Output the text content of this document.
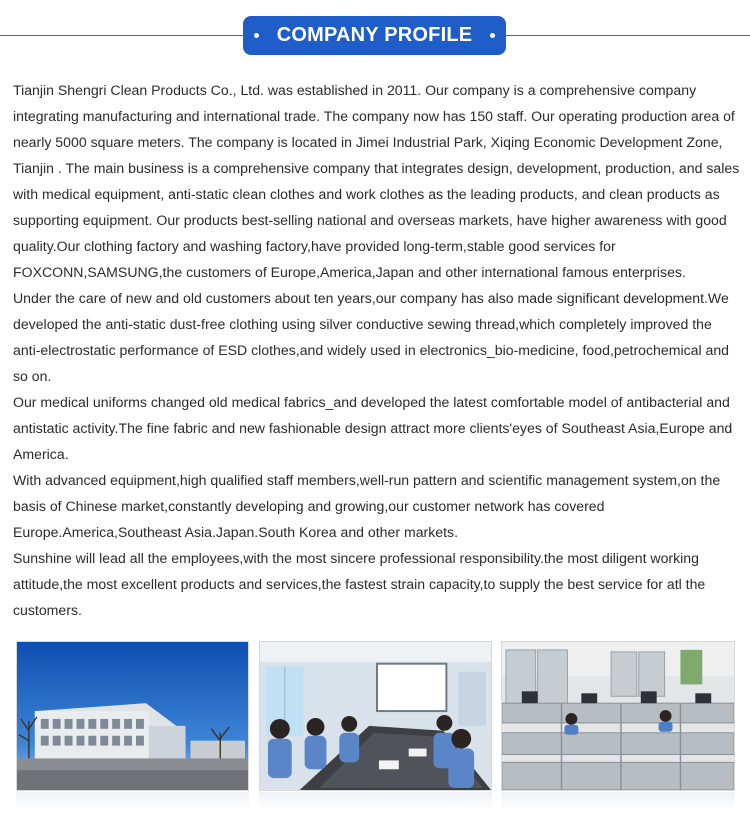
COMPANY PROFILE

Tianjin Shengri Clean Products Co., Ltd. was established in 2011. Our company is a comprehensive company integrating manufacturing and international trade. The company now has 150 staff. Our operating production area of nearly 5000 square meters. The company is located in Jimei Industrial Park, Xiqing Economic Development Zone, Tianjin . The main business is a comprehensive company that integrates design, development, production, and sales with medical equipment, anti-static clean clothes and work clothes as the leading products, and clean products as supporting equipment. Our products best-selling national and overseas markets, have higher awareness with good quality.Our clothing factory and washing factory,have provided long-term,stable good services for FOXCONN,SAMSUNG,the customers of Europe,America,Japan and other international famous enterprises.

Under the care of new and old customers about ten years,our company has also made significant development.We developed the anti-static dust-free clothing using silver conductive sewing thread,which completely improved the anti-electrostatic performance of ESD clothes,and widely used in electronics_bio-medicine, food,petrochemical and so on.

Our medical uniforms changed old medical fabrics_and developed the latest comfortable model of antibacterial and antistatic activity.The fine fabric and new fashionable design attract more clients'eyes of Southeast Asia,Europe and America.

With advanced equipment,high qualified staff members,well-run pattern and scientific management system,on the basis of Chinese market,constantly developing and growing,our customer network has covered Europe.America,Southeast Asia.Japan.South Korea and other markets.

Sunshine will lead all the employees,with the most sincere professional responsibility.the most diligent working attitude,the most excellent products and services,the fastest strain capacity,to supply the best service for atl the customers.
